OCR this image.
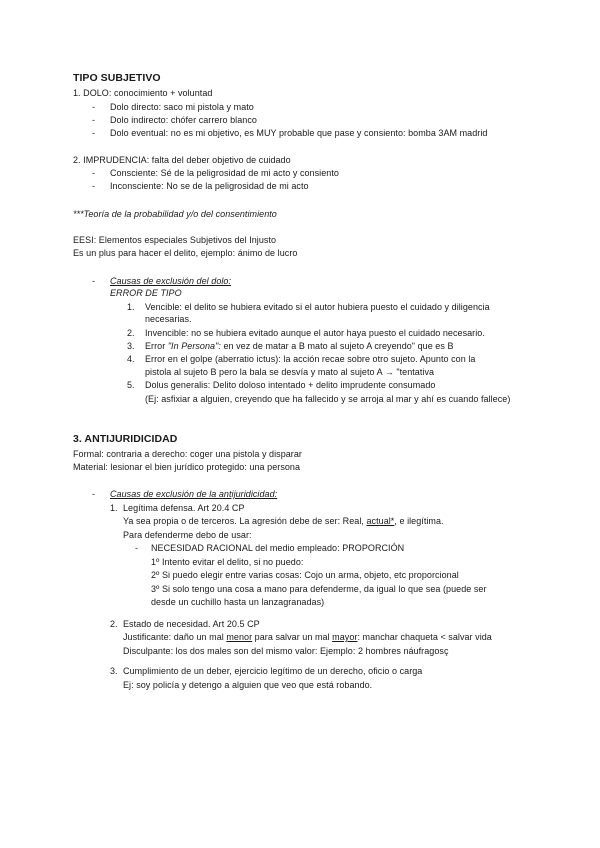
TIPO SUBJETIVO
1. DOLO: conocimiento + voluntad
- Dolo directo: saco mi pistola y mato
- Dolo indirecto: chófer carrero blanco
- Dolo eventual: no es mi objetivo, es MUY probable que pase y consiento: bomba 3AM madrid
2. IMPRUDENCIA: falta del deber objetivo de cuidado
- Consciente: Sé de la peligrosidad de mi acto y consiento
- Inconsciente: No se de la peligrosidad de mi acto
***Teoría de la probabilidad y/o del consentimiento
EESI: Elementos especiales Subjetivos del Injusto
Es un plus para hacer el delito, ejemplo: ánimo de lucro
- Causas de exclusión del dolo:
ERROR DE TIPO
1. Vencible: el delito se hubiera evitado si el autor hubiera puesto el cuidado y diligencia
necesarias.
2. Invencible: no se hubiera evitado aunque el autor haya puesto el cuidado necesario.
3. Error "In Persona": en vez de matar a B mato al sujeto A creyendo" que es B
4. Error en el golpe (aberratio ictus): la acción recae sobre otro sujeto. Apunto con la
pistola al sujeto B pero la bala se desvía y mato al sujeto A → "tentativa
5. Dolus generalis: Delito doloso intentado + delito imprudente consumado
(Ej: asfixiar a alguien, creyendo que ha fallecido y se arroja al mar y ahí es cuando fallece)
3. ANTIJURIDICIDAD
Formal: contraria a derecho: coger una pistola y disparar
Material: lesionar el bien jurídico protegido: una persona
- Causas de exclusión de la antijuridicidad:
1. Legítima defensa. Art 20.4 CP
Ya sea propia o de terceros. La agresión debe de ser: Real, actual*, e ilegítima.
Para defenderme debo de usar:
- NECESIDAD RACIONAL del medio empleado: PROPORCIÓN
1º Intento evitar el delito, si no puedo:
2º Si puedo elegir entre varias cosas: Cojo un arma, objeto, etc proporcional
3º Si solo tengo una cosa a mano para defenderme, da igual lo que sea (puede ser
desde un cuchillo hasta un lanzagranadas)
2. Estado de necesidad. Art 20.5 CP
Justificante: daño un mal menor para salvar un mal mayor: manchar chaqueta < salvar vida
Disculpante: los dos males son del mismo valor: Ejemplo: 2 hombres náufragosç
3. Cumplimiento de un deber, ejercicio legítimo de un derecho, oficio o carga
Ej: soy policía y detengo a alguien que veo que está robando.
